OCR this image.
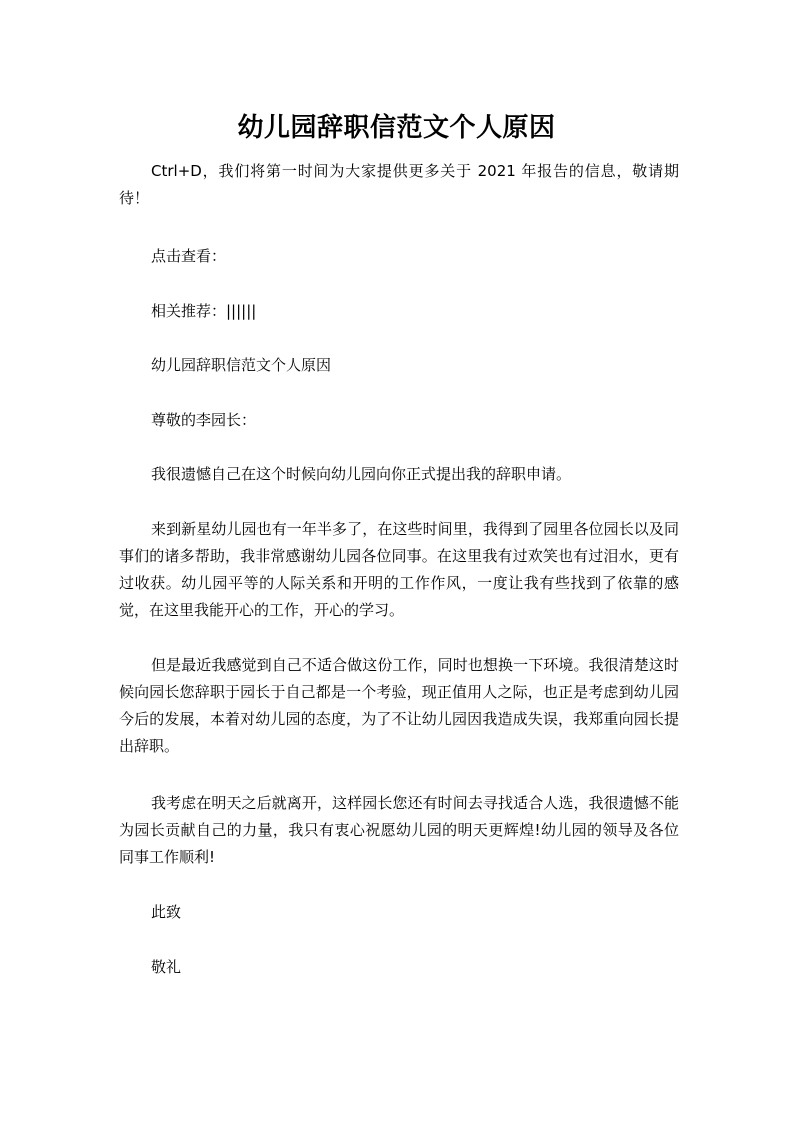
幼儿园辞职信范文个人原因
Ctrl+D，我们将第一时间为大家提供更多关于 2021 年报告的信息，敬请期待！
点击查看：
相关推荐：||||||
幼儿园辞职信范文个人原因
尊敬的李园长：
我很遗憾自己在这个时候向幼儿园向你正式提出我的辞职申请。
来到新星幼儿园也有一年半多了，在这些时间里，我得到了园里各位园长以及同事们的诸多帮助，我非常感谢幼儿园各位同事。在这里我有过欢笑也有过泪水，更有过收获。幼儿园平等的人际关系和开明的工作作风，一度让我有些找到了依靠的感觉，在这里我能开心的工作，开心的学习。
但是最近我感觉到自己不适合做这份工作，同时也想换一下环境。我很清楚这时候向园长您辞职于园长于自己都是一个考验，现正值用人之际，也正是考虑到幼儿园今后的发展，本着对幼儿园的态度，为了不让幼儿园因我造成失误，我郑重向园长提出辞职。
我考虑在明天之后就离开，这样园长您还有时间去寻找适合人选，我很遗憾不能为园长贡献自己的力量，我只有衷心祝愿幼儿园的明天更辉煌!幼儿园的领导及各位同事工作顺利!
此致
敬礼
